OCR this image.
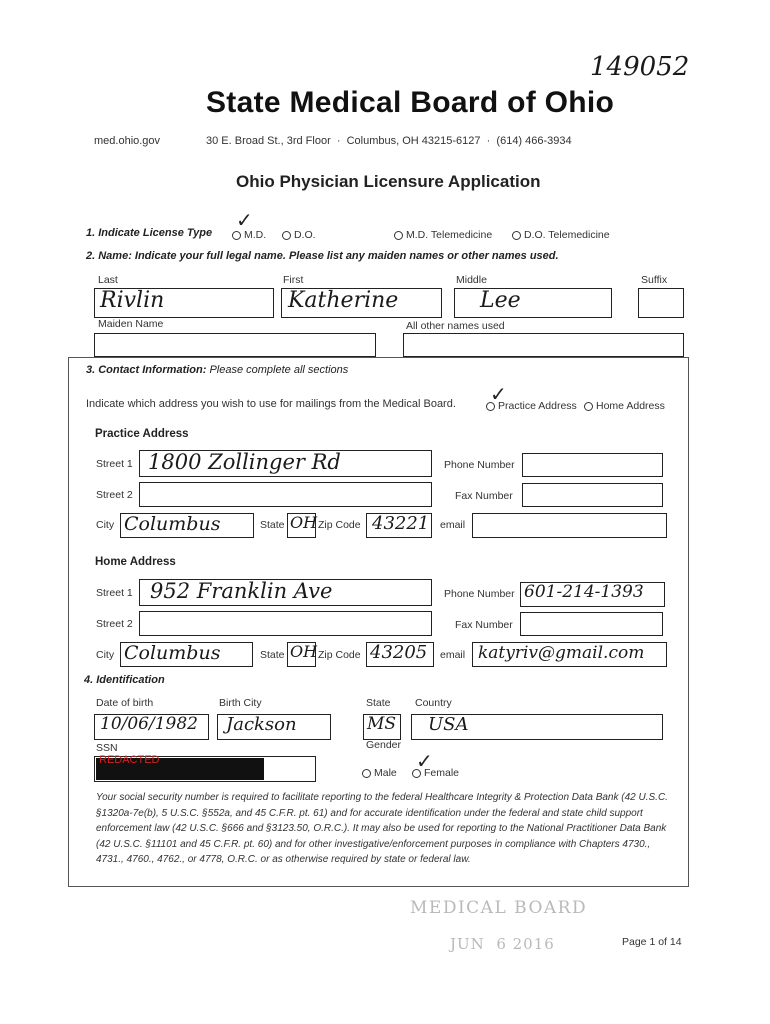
149052
State Medical Board of Ohio
med.ohio.gov	30 E. Broad St., 3rd Floor  ·  Columbus, OH 43215-6127  ·  (614) 466-3934
Ohio Physician Licensure Application
1. Indicate License Type	M.D.
✓
D.O.	M.D. Telemedicine	D.O. Telemedicine
2. Name: Indicate your full legal name. Please list any maiden names or other names used.
Last	First	Middle	Suffix
Rivlin	Katherine	Lee
Maiden Name	All other names used
3. Contact Information: Please complete all sections
Indicate which address you wish to use for mailings from the Medical Board.	Practice Address
✓	Home Address
Practice Address
Street 1 1800 Zollinger Rd	Phone Number
Street 2	Fax Number
City Columbus	State OH Zip Code 43221 email
Home Address
Street 1 952 Franklin Ave	Phone Number 601-214-1393
Street 2	Fax Number
City Columbus	State OH Zip Code 43205 email katyriv@gmail.com
4. Identification
Date of birth	Birth City	State Country
10/06/1982 Jackson	MS USA
SSN	Gender
REDACTED
Male	Female
✓
Your social security number is required to facilitate reporting to the federal Healthcare Integrity & Protection Data Bank (42 U.S.C. §1320a-7e(b), 5 U.S.C. §552a, and 45 C.F.R. pt. 61) and for accurate identification under the federal and state child support enforcement law (42 U.S.C. §666 and §3123.50, O.R.C.). It may also be used for reporting to the National Practitioner Data Bank (42 U.S.C. §11101 and 45 C.F.R. pt. 60) and for other investigative/enforcement purposes in compliance with Chapters 4730., 4731., 4760., 4762., or 4778, O.R.C. or as otherwise required by state or federal law.
MEDICAL BOARD
JUN  6 2016	Page 1 of 14
